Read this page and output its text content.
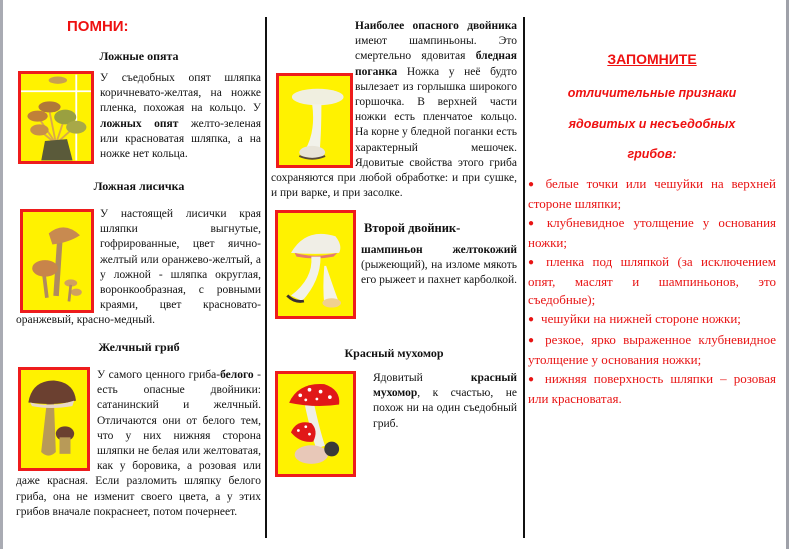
ПОМНИ:

Ложные опята

У съедобных опят шляпка коричневато-желтая, на ножке пленка, похожая на кольцо. У ложных опят желто-зеленая или красноватая шляпка, а на ножке нет кольца.

Ложная лисичка

Желчный гриб

У самого ценного гриба-белого - есть опасные двойники: сатанинский и желчный. Отличаются они от белого тем, что у них нижняя сторона шляпки не белая или желтоватая, как у боровика, а розовая или даже красная. Если разломить шляпку белого гриба, она не изменит своего цвета, а у этих грибов вначале покраснеет, потом почернеет.
Наиболее опасного двойника имеют шампиньоны. Это смертельно ядовитая бледная поганка Ножка у неё будто вылезает из горлышка широкого горшочка. В верхней части ножки есть пленчатое кольцо. На корне у бледной поганки есть характерный мешочек. Ядовитые свойства этого гриба сохраняются при любой обработке: и при сушке, и при варке, и при засолке.

Второй двойник-

шампиньон желтокожий (рыжеющий), на изломе мякоть его рыжеет и пахнет карболкой.

Красный мухомор

Ядовитый красный мухомор, к счастью, не похож ни на один съедобный гриб.
ЗАПОМНИТЕ
отличительные признаки
ядовитых и несъедобных
грибов:
● белые точки или чешуйки на верхней стороне шляпки;
● клубневидное утолщение у основания ножки;
● пленка под шляпкой (за исключением опят, маслят и шампиньонов, это съедобные);
● чешуйки на нижней стороне ножки;
● резкое, ярко выраженное клубневидное утолщение у основания ножки;
● нижняя поверхность шляпки – розовая или красноватая.
У настоящей лисички края шляпки выгнутые, гофрированные, цвет яично-желтый или оранжево-желтый, а у ложной - шляпка округлая, воронкообразная, с ровными краями, цвет красновато-оранжевый, красно-медный.
